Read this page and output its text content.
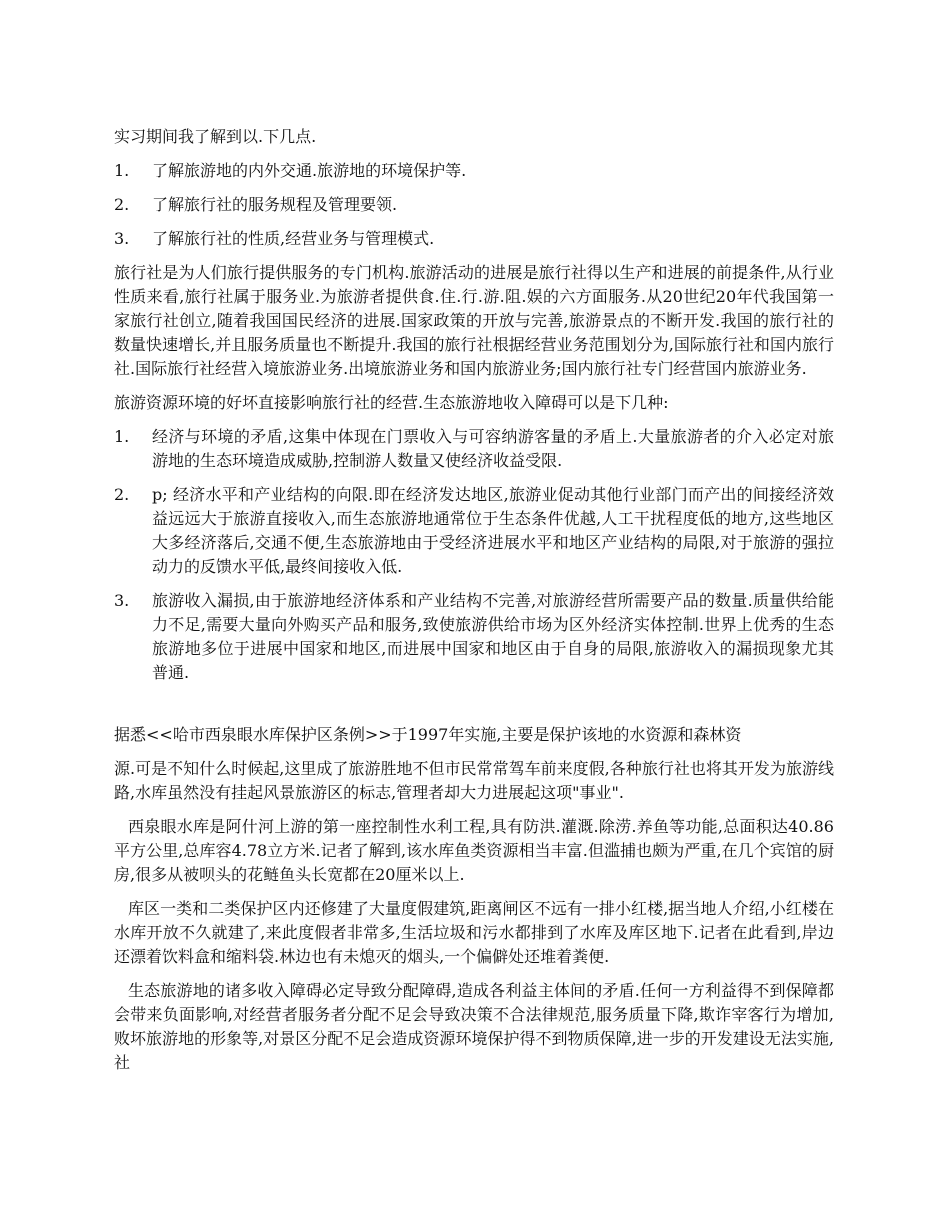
实习期间我了解到以.下几点.

1.	了解旅游地的内外交通.旅游地的环境保护等.

2.	了解旅行社的服务规程及管理要领.

3.	了解旅行社的性质,经营业务与管理模式.

旅行社是为人们旅行提供服务的专门机构.旅游活动的进展是旅行社得以生产和进展的前提条件,从行业性质来看,旅行社属于服务业.为旅游者提供食.住.行.游.阻.娱的六方面服务.从20世纪20年代我国第一家旅行社创立,随着我国国民经济的进展.国家政策的开放与完善,旅游景点的不断开发.我国的旅行社的数量快速增长,并且服务质量也不断提升.我国的旅行社根据经营业务范围划分为,国际旅行社和国内旅行社.国际旅行社经营入境旅游业务.出境旅游业务和国内旅游业务;国内旅行社专门经营国内旅游业务.

旅游资源环境的好坏直接影响旅行社的经营.生态旅游地收入障碍可以是下几种:

1.	经济与环境的矛盾,这集中体现在门票收入与可容纳游客量的矛盾上.大量旅游者的介入必定对旅游地的生态环境造成威胁,控制游人数量又使经济收益受限.

2.	p; 经济水平和产业结构的向限.即在经济发达地区,旅游业促动其他行业部门而产出的间接经济效益远远大于旅游直接收入,而生态旅游地通常位于生态条件优越,人工干扰程度低的地方,这些地区大多经济落后,交通不便,生态旅游地由于受经济进展水平和地区产业结构的局限,对于旅游的强拉动力的反馈水平低,最终间接收入低.

3.	旅游收入漏损,由于旅游地经济体系和产业结构不完善,对旅游经营所需要产品的数量.质量供给能力不足,需要大量向外购买产品和服务,致使旅游供给市场为区外经济实体控制.世界上优秀的生态旅游地多位于进展中国家和地区,而进展中国家和地区由于自身的局限,旅游收入的漏损现象尤其普通.

据悉<<哈市西泉眼水库保护区条例>>于1997年实施,主要是保护该地的水资源和森林资

源.可是不知什么时候起,这里成了旅游胜地不但市民常常驾车前来度假,各种旅行社也将其开发为旅游线路,水库虽然没有挂起风景旅游区的标志,管理者却大力进展起这项"事业".

西泉眼水库是阿什河上游的第一座控制性水利工程,具有防洪.灌溉.除涝.养鱼等功能,总面积达40.86平方公里,总库容4.78立方米.记者了解到,该水库鱼类资源相当丰富.但滥捕也颇为严重,在几个宾馆的厨房,很多从被呗头的花鲢鱼头长宽都在20厘米以上.

库区一类和二类保护区内还修建了大量度假建筑,距离闸区不远有一排小红楼,据当地人介绍,小红楼在水库开放不久就建了,来此度假者非常多,生活垃圾和污水都排到了水库及库区地下.记者在此看到,岸边还漂着饮料盒和缩料袋.林边也有未熄灭的烟头,一个偏僻处还堆着粪便.

生态旅游地的诸多收入障碍必定导致分配障碍,造成各利益主体间的矛盾.任何一方利益得不到保障都会带来负面影响,对经营者服务者分配不足会导致决策不合法律规范,服务质量下降,欺诈宰客行为增加,败坏旅游地的形象等,对景区分配不足会造成资源环境保护得不到物质保障,进一步的开发建设无法实施,社
